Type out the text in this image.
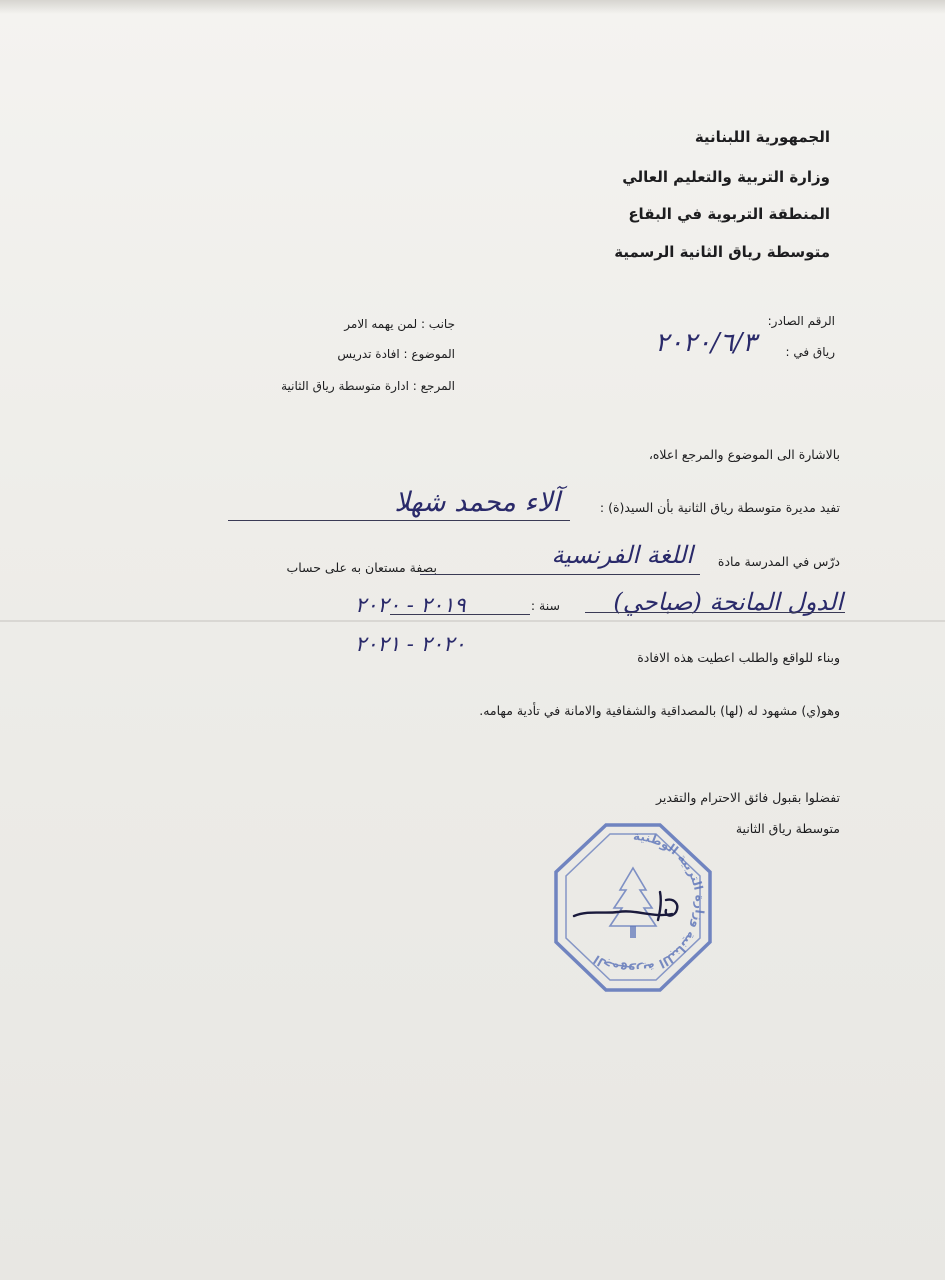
الجمهورية اللبنانية
وزارة التربية والتعليم العالي
المنطقة التربوية في البقاع
متوسطة رياق الثانية الرسمية
الرقم الصادر:
رياق في :
٢٠٢٠/٦/٣
جانب : لمن يهمه الامر
الموضوع : افادة تدريس
المرجع : ادارة متوسطة رياق الثانية
بالاشارة الى الموضوع والمرجع اعلاه،
تفيد مديرة متوسطة رياق الثانية بأن السيد(ة) :
آلاء محمد شهلا
درّس في المدرسة مادة
اللغة الفرنسية
بصفة مستعان به على حساب
الدول المانحة (صباحي)
سنة :
٢٠١٩ - ٢٠٢٠
٢٠٢٠ - ٢٠٢١
وبناء للواقع والطلب اعطيت هذه الافادة
وهو(ي) مشهود له (لها) بالمصداقية والشفافية والامانة في تأدية مهامه.
تفضلوا بقبول فائق الاحترام والتقدير
متوسطة رياق الثانية
الجمهورية اللبنانية وزارة التربية الوطنية
